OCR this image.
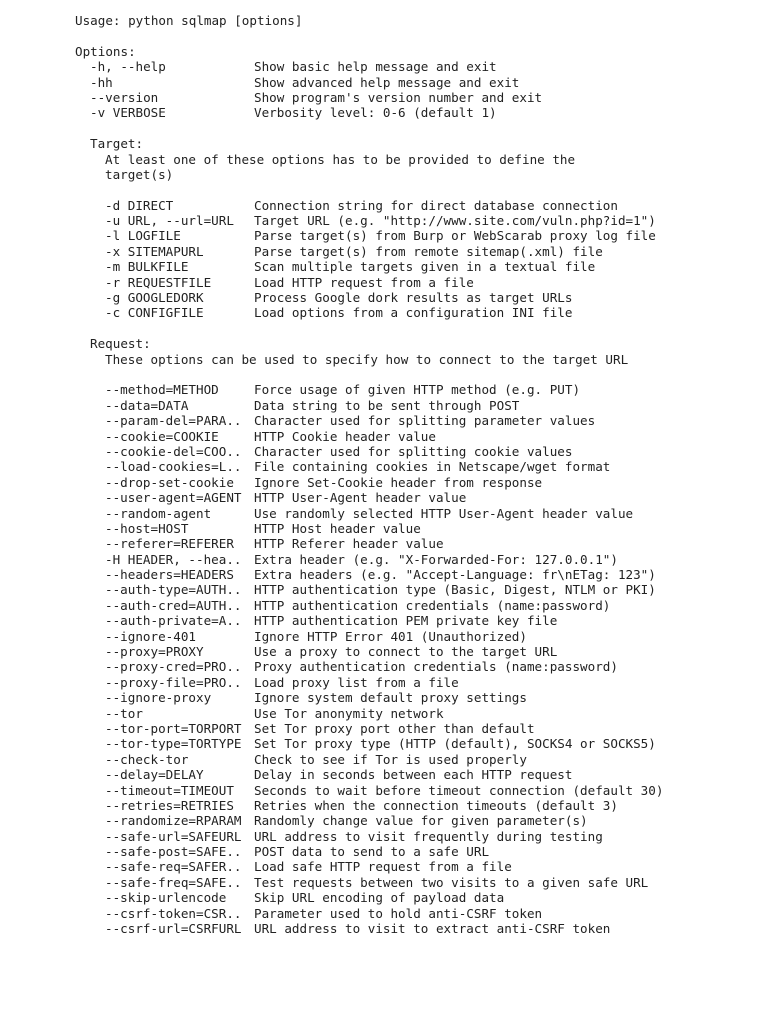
Usage: python sqlmap [options]
Options:
-h, --help	Show basic help message and exit
-hh	Show advanced help message and exit
--version	Show program's version number and exit
-v VERBOSE	Verbosity level: 0-6 (default 1)
Target:
At least one of these options has to be provided to define the
target(s)
-d DIRECT	Connection string for direct database connection
-u URL, --url=URL Target URL (e.g. "http://www.site.com/vuln.php?id=1")
-l LOGFILE	Parse target(s) from Burp or WebScarab proxy log file
-x SITEMAPURL	Parse target(s) from remote sitemap(.xml) file
-m BULKFILE	Scan multiple targets given in a textual file
-r REQUESTFILE	Load HTTP request from a file
-g GOOGLEDORK	Process Google dork results as target URLs
-c CONFIGFILE	Load options from a configuration INI file
Request:
These options can be used to specify how to connect to the target URL
--method=METHOD	Force usage of given HTTP method (e.g. PUT)
--data=DATA	Data string to be sent through POST
--param-del=PARA.. Character used for splitting parameter values
--cookie=COOKIE	HTTP Cookie header value
--cookie-del=COO.. Character used for splitting cookie values
--load-cookies=L.. File containing cookies in Netscape/wget format
--drop-set-cookie Ignore Set-Cookie header from response
--user-agent=AGENT HTTP User-Agent header value
--random-agent	Use randomly selected HTTP User-Agent header value
--host=HOST	HTTP Host header value
--referer=REFERER HTTP Referer header value
-H HEADER, --hea.. Extra header (e.g. "X-Forwarded-For: 127.0.0.1")
--headers=HEADERS Extra headers (e.g. "Accept-Language: fr\nETag: 123")
--auth-type=AUTH.. HTTP authentication type (Basic, Digest, NTLM or PKI)
--auth-cred=AUTH.. HTTP authentication credentials (name:password)
--auth-private=A.. HTTP authentication PEM private key file
--ignore-401	Ignore HTTP Error 401 (Unauthorized)
--proxy=PROXY	Use a proxy to connect to the target URL
--proxy-cred=PRO.. Proxy authentication credentials (name:password)
--proxy-file=PRO.. Load proxy list from a file
--ignore-proxy	Ignore system default proxy settings
--tor	Use Tor anonymity network
--tor-port=TORPORT Set Tor proxy port other than default
--tor-type=TORTYPE Set Tor proxy type (HTTP (default), SOCKS4 or SOCKS5)
--check-tor	Check to see if Tor is used properly
--delay=DELAY	Delay in seconds between each HTTP request
--timeout=TIMEOUT Seconds to wait before timeout connection (default 30)
--retries=RETRIES Retries when the connection timeouts (default 3)
--randomize=RPARAM Randomly change value for given parameter(s)
--safe-url=SAFEURL URL address to visit frequently during testing
--safe-post=SAFE.. POST data to send to a safe URL
--safe-req=SAFER.. Load safe HTTP request from a file
--safe-freq=SAFE.. Test requests between two visits to a given safe URL
--skip-urlencode Skip URL encoding of payload data
--csrf-token=CSR.. Parameter used to hold anti-CSRF token
--csrf-url=CSRFURL URL address to visit to extract anti-CSRF token
